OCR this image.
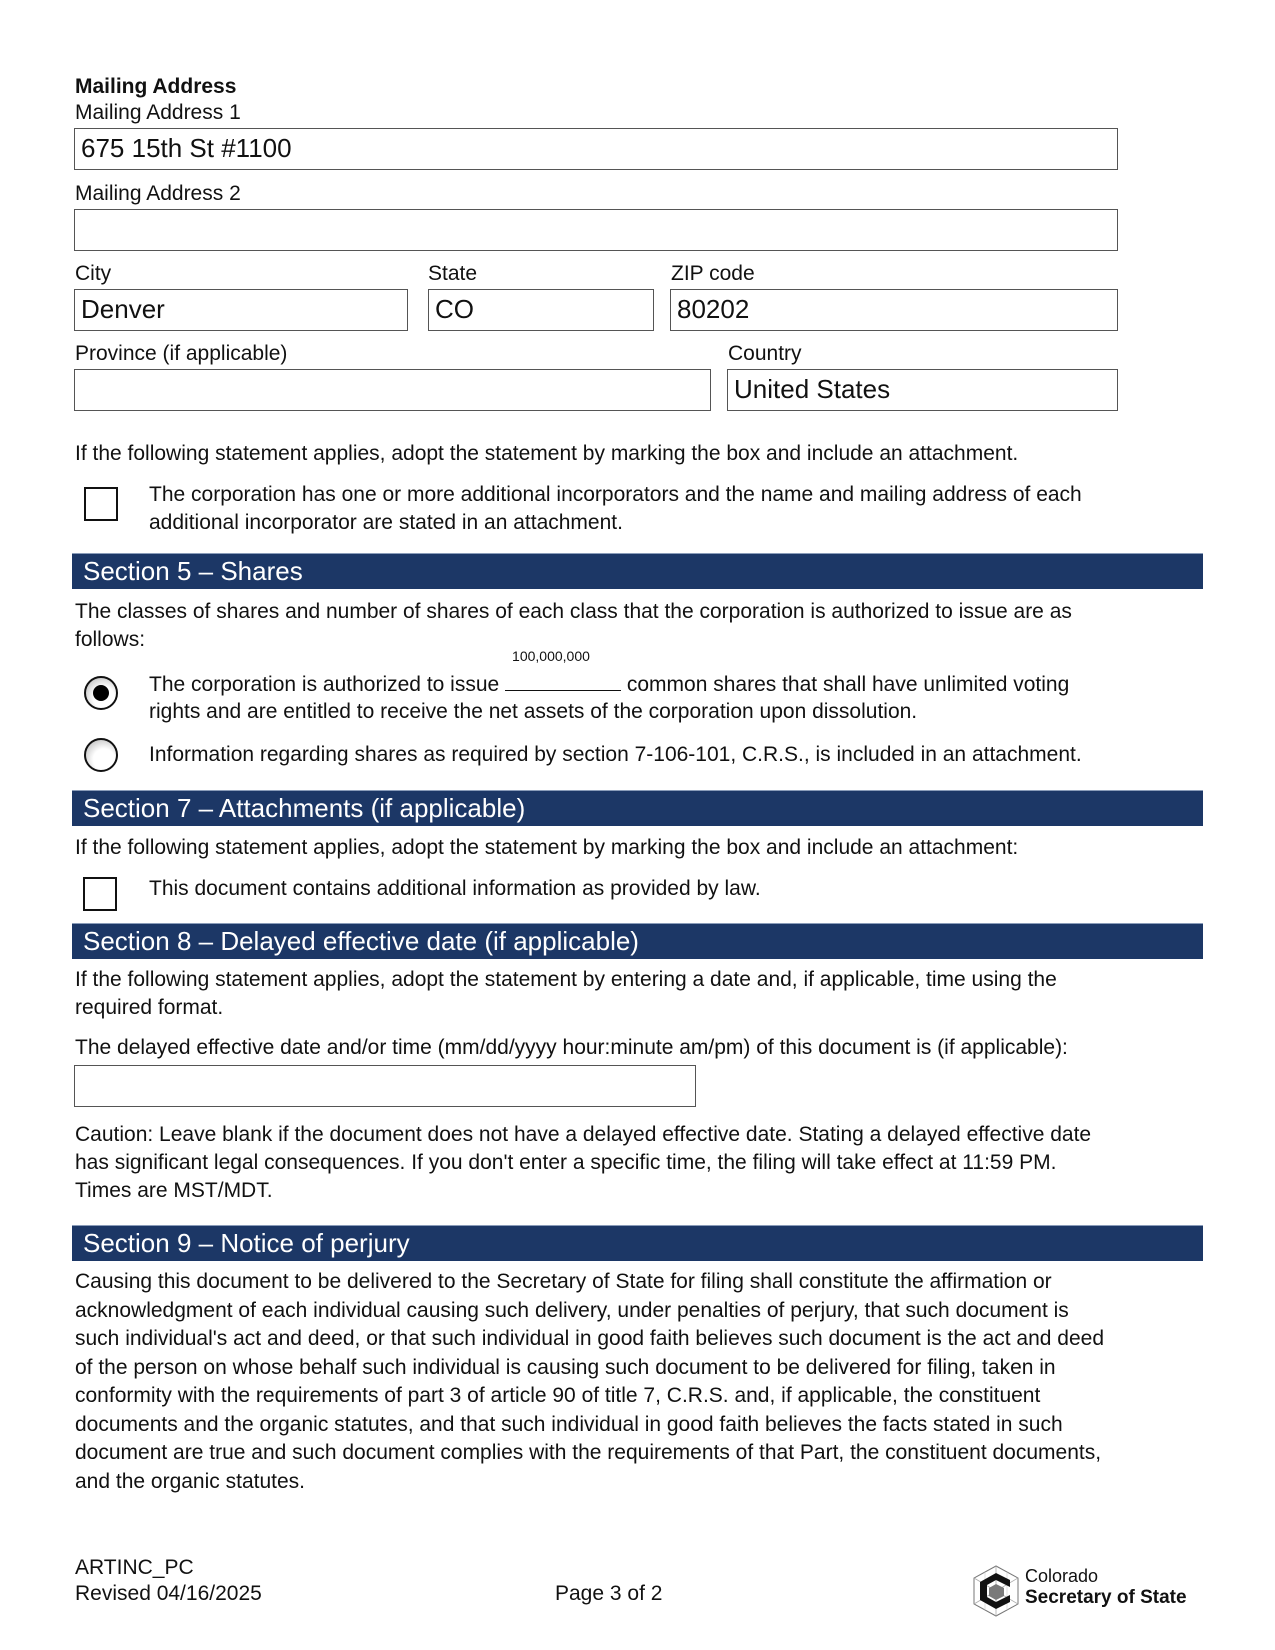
Mailing Address
Mailing Address 1
675 15th St #1100
Mailing Address 2
City
Denver
State
CO
ZIP code
80202
Province (if applicable)	Country
United States
If the following statement applies, adopt the statement by marking the box and include an attachment.
The corporation has one or more additional incorporators and the name and mailing address of each
additional incorporator are stated in an attachment.
Section 5 – Shares
The classes of shares and number of shares of each class that the corporation is authorized to issue are as
follows:
The corporation is authorized to issue
100,000,000
common shares that shall have unlimited voting
rights and are entitled to receive the net assets of the corporation upon dissolution.
Information regarding shares as required by section 7-106-101, C.R.S., is included in an attachment.
Section 7 – Attachments (if applicable)
If the following statement applies, adopt the statement by marking the box and include an attachment:
This document contains additional information as provided by law.
Section 8 – Delayed effective date (if applicable)
If the following statement applies, adopt the statement by entering a date and, if applicable, time using the
required format.
The delayed effective date and/or time (mm/dd/yyyy hour:minute am/pm) of this document is (if applicable):
Caution: Leave blank if the document does not have a delayed effective date. Stating a delayed effective date
has significant legal consequences. If you don't enter a specific time, the filing will take effect at 11:59 PM.
Times are MST/MDT.
Section 9 – Notice of perjury
Causing this document to be delivered to the Secretary of State for filing shall constitute the affirmation or
acknowledgment of each individual causing such delivery, under penalties of perjury, that such document is
such individual's act and deed, or that such individual in good faith believes such document is the act and deed
of the person on whose behalf such individual is causing such document to be delivered for filing, taken in
conformity with the requirements of part 3 of article 90 of title 7, C.R.S. and, if applicable, the constituent
documents and the organic statutes, and that such individual in good faith believes the facts stated in such
document are true and such document complies with the requirements of that Part, the constituent documents,
and the organic statutes.
ARTINC_PC
Revised 04/16/2025	Page 3 of 2
Colorado
Secretary of State
